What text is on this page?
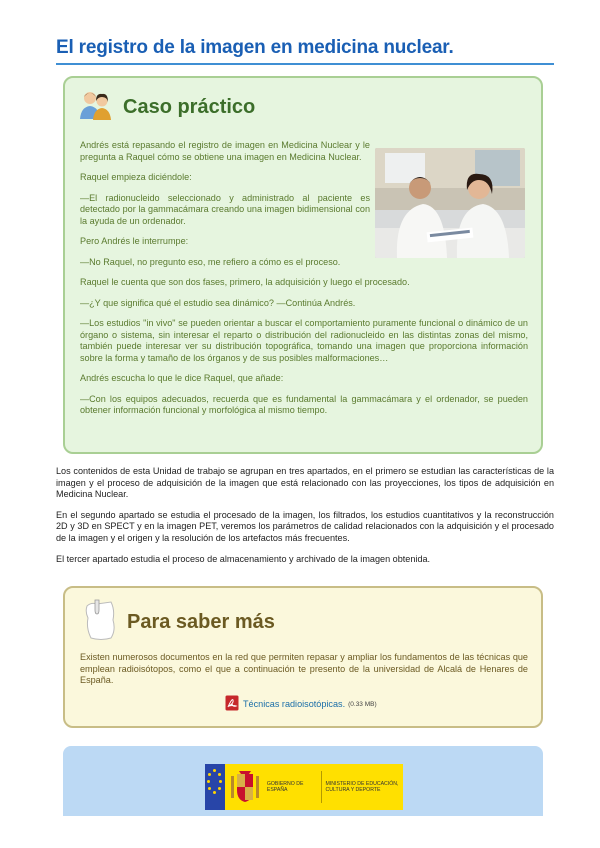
El registro de la imagen en medicina nuclear.
Caso práctico

Andrés está repasando el registro de imagen en Medicina Nuclear y le pregunta a Raquel cómo se obtiene una imagen en Medicina Nuclear.

Raquel empieza diciéndole:

—El radionucleido seleccionado y administrado al paciente es detectado por la gammacámara creando una imagen bidimensional con la ayuda de un ordenador.

Pero Andrés le interrumpe:

—No Raquel, no pregunto eso, me refiero a cómo es el proceso.

Raquel le cuenta que son dos fases, primero, la adquisición y luego el procesado.

—¿Y que significa qué el estudio sea dinámico? —Continúa Andrés.

—Los estudios "in vivo" se pueden orientar a buscar el comportamiento puramente funcional o dinámico de un órgano o sistema, sin interesar el reparto o distribución del radionucleido en las distintas zonas del mismo, también puede interesar ver su distribución topográfica, tomando una imagen que proporciona información sobre la forma y tamaño de los órganos y de sus posibles malformaciones…

Andrés escucha lo que le dice Raquel, que añade:

—Con los equipos adecuados, recuerda que es fundamental la gammacámara y el ordenador, se pueden obtener información funcional y morfológica al mismo tiempo.

Los contenidos de esta Unidad de trabajo se agrupan en tres apartados, en el primero se estudian las características de la imagen y el proceso de adquisición de la imagen que está relacionado con las proyecciones, los tipos de adquisición en Medicina Nuclear.

En el segundo apartado se estudia el procesado de la imagen, los filtrados, los estudios cuantitativos y la reconstrucción 2D y 3D en SPECT y en la imagen PET, veremos los parámetros de calidad relacionados con la adquisición y el procesado de la imagen y el origen y la resolución de los artefactos más frecuentes.

El tercer apartado estudia el proceso de almacenamiento y archivado de la imagen obtenida.

Para saber más
Existen numerosos documentos en la red que permiten repasar y ampliar los fundamentos de las técnicas que emplean radioisótopos, como el que a continuación te presento de la universidad de Alcalá de Henares de España.
Técnicas radioisotópicas. (0.33 MB)
GOBIERNO DE ESPAÑA
MINISTERIO DE EDUCACIÓN, CULTURA Y DEPORTE
